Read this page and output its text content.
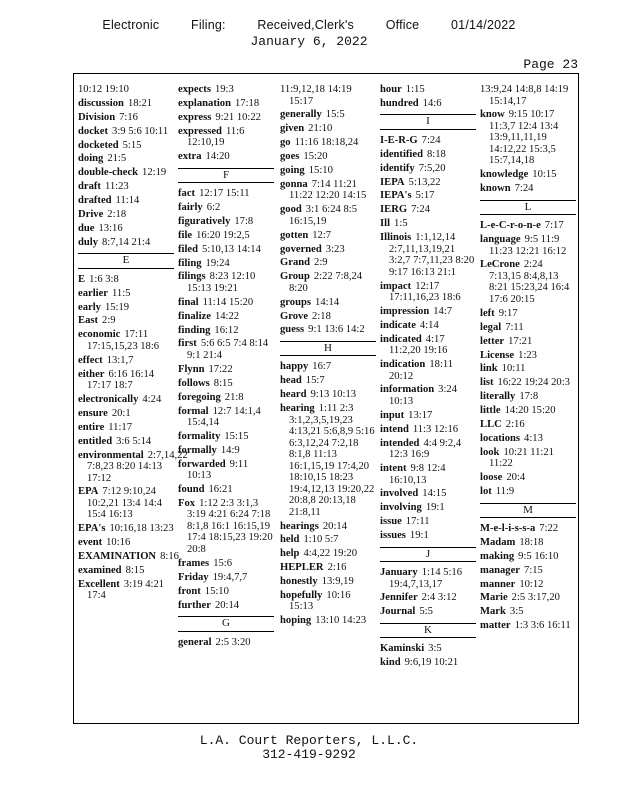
Electronic	Filing:	Received,Clerk's	Office	01/14/2022
January 6, 2022
Page 23
10:12 19:10
discussion 18:21
Division 7:16
docket 3:9 5:6 10:11
docketed 5:15
doing 21:5
double-check 12:19
draft 11:23
drafted 11:14
Drive 2:18
due 13:16
duly 8:7,14 21:4
E
E 1:6 3:8
earlier 11:5
early 15:19
East 2:9
economic 17:11 17:15,15,23 18:6
effect 13:1,7
either 6:16 16:14 17:17 18:7
electronically 4:24
ensure 20:1
entire 11:17
entitled 3:6 5:14
environmental 2:7,14,22 7:8,23 8:20 14:13 17:12
EPA 7:12 9:10,24 10:2,21 13:4 14:4 15:4 16:13
EPA's 10:16,18 13:23
event 10:16
EXAMINATION 8:16
examined 8:15
Excellent 3:19 4:21 17:4
expects 19:3
explanation 17:18
express 9:21 10:22
expressed 11:6 12:10,19
extra 14:20
F
fact 12:17 15:11
fairly 6:2
figuratively 17:8
file 16:20 19:2,5
filed 5:10,13 14:14
filing 19:24
filings 8:23 12:10 15:13 19:21
final 11:14 15:20
finalize 14:22
finding 16:12
first 5:6 6:5 7:4 8:14 9:1 21:4
Flynn 17:22
follows 8:15
foregoing 21:8
formal 12:7 14:1,4 15:4,14
formality 15:15
formally 14:9
forwarded 9:11 10:13
found 16:21
Fox 1:12 2:3 3:1,3 3:19 4:21 6:24 7:18 8:1,8 16:1 16:15,19 17:4 18:15,23 19:20 20:8
frames 15:6
Friday 19:4,7,7
front 15:10
further 20:14
G
general 2:5 3:20
11:9,12,18 14:19 15:17
generally 15:5
given 21:10
go 11:16 18:18,24
goes 15:20
going 15:10
gonna 7:14 11:21 11:22 12:20 14:15
good 3:1 6:24 8:5 16:15,19
gotten 12:7
governed 3:23
Grand 2:9
Group 2:22 7:8,24 8:20
groups 14:14
Grove 2:18
guess 9:1 13:6 14:2
H
happy 16:7
head 15:7
heard 9:13 10:13
hearing 1:11 2:3 3:1,2,3,5,19,23 4:13,21 5:6,8,9 5:16 6:3,12,24 7:2,18 8:1,8 11:13 16:1,15,19 17:4,20 18:10,15 18:23 19:4,12,13 19:20,22 20:8,8 20:13,18 21:8,11
hearings 20:14
held 1:10 5:7
help 4:4,22 19:20
HEPLER 2:16
honestly 13:9,19
hopefully 10:16 15:13
hoping 13:10 14:23
hour 1:15
hundred 14:6
I
I-E-R-G 7:24
identified 8:18
identify 7:5,20
IEPA 5:13,22
IEPA's 5:17
IERG 7:24
Ill 1:5
Illinois 1:1,12,14 2:7,11,13,19,21 3:2,7 7:7,11,23 8:20 9:17 16:13 21:1
impact 12:17 17:11,16,23 18:6
impression 14:7
indicate 4:14
indicated 4:17 11:2,20 19:16
indication 18:11 20:12
information 3:24 10:13
input 13:17
intend 11:3 12:16
intended 4:4 9:2,4 12:3 16:9
intent 9:8 12:4 16:10,13
involved 14:15
involving 19:1
issue 17:11
issues 19:1
J
January 1:14 5:16 19:4,7,13,17
Jennifer 2:4 3:12
Journal 5:5
K
Kaminski 3:5
kind 9:6,19 10:21
13:9,24 14:8,8 14:19 15:14,17
know 9:15 10:17 11:3,7 12:4 13:4 13:9,11,11,19 14:12,22 15:3,5 15:7,14,18
knowledge 10:15
known 7:24
L
L-e-C-r-o-n-e 7:17
language 9:5 11:9 11:23 12:21 16:12
LeCrone 2:24 7:13,15 8:4,8,13 8:21 15:23,24 16:4 17:6 20:15
left 9:17
legal 7:11
letter 17:21
License 1:23
link 10:11
list 16:22 19:24 20:3
literally 17:8
little 14:20 15:20
LLC 2:16
locations 4:13
look 10:21 11:21 11:22
loose 20:4
lot 11:9
M
M-e-l-i-s-s-a 7:22
Madam 18:18
making 9:5 16:10
manager 7:15
manner 10:12
Marie 2:5 3:17,20
Mark 3:5
matter 1:3 3:6 16:11
L.A. Court Reporters, L.L.C.
312-419-9292
